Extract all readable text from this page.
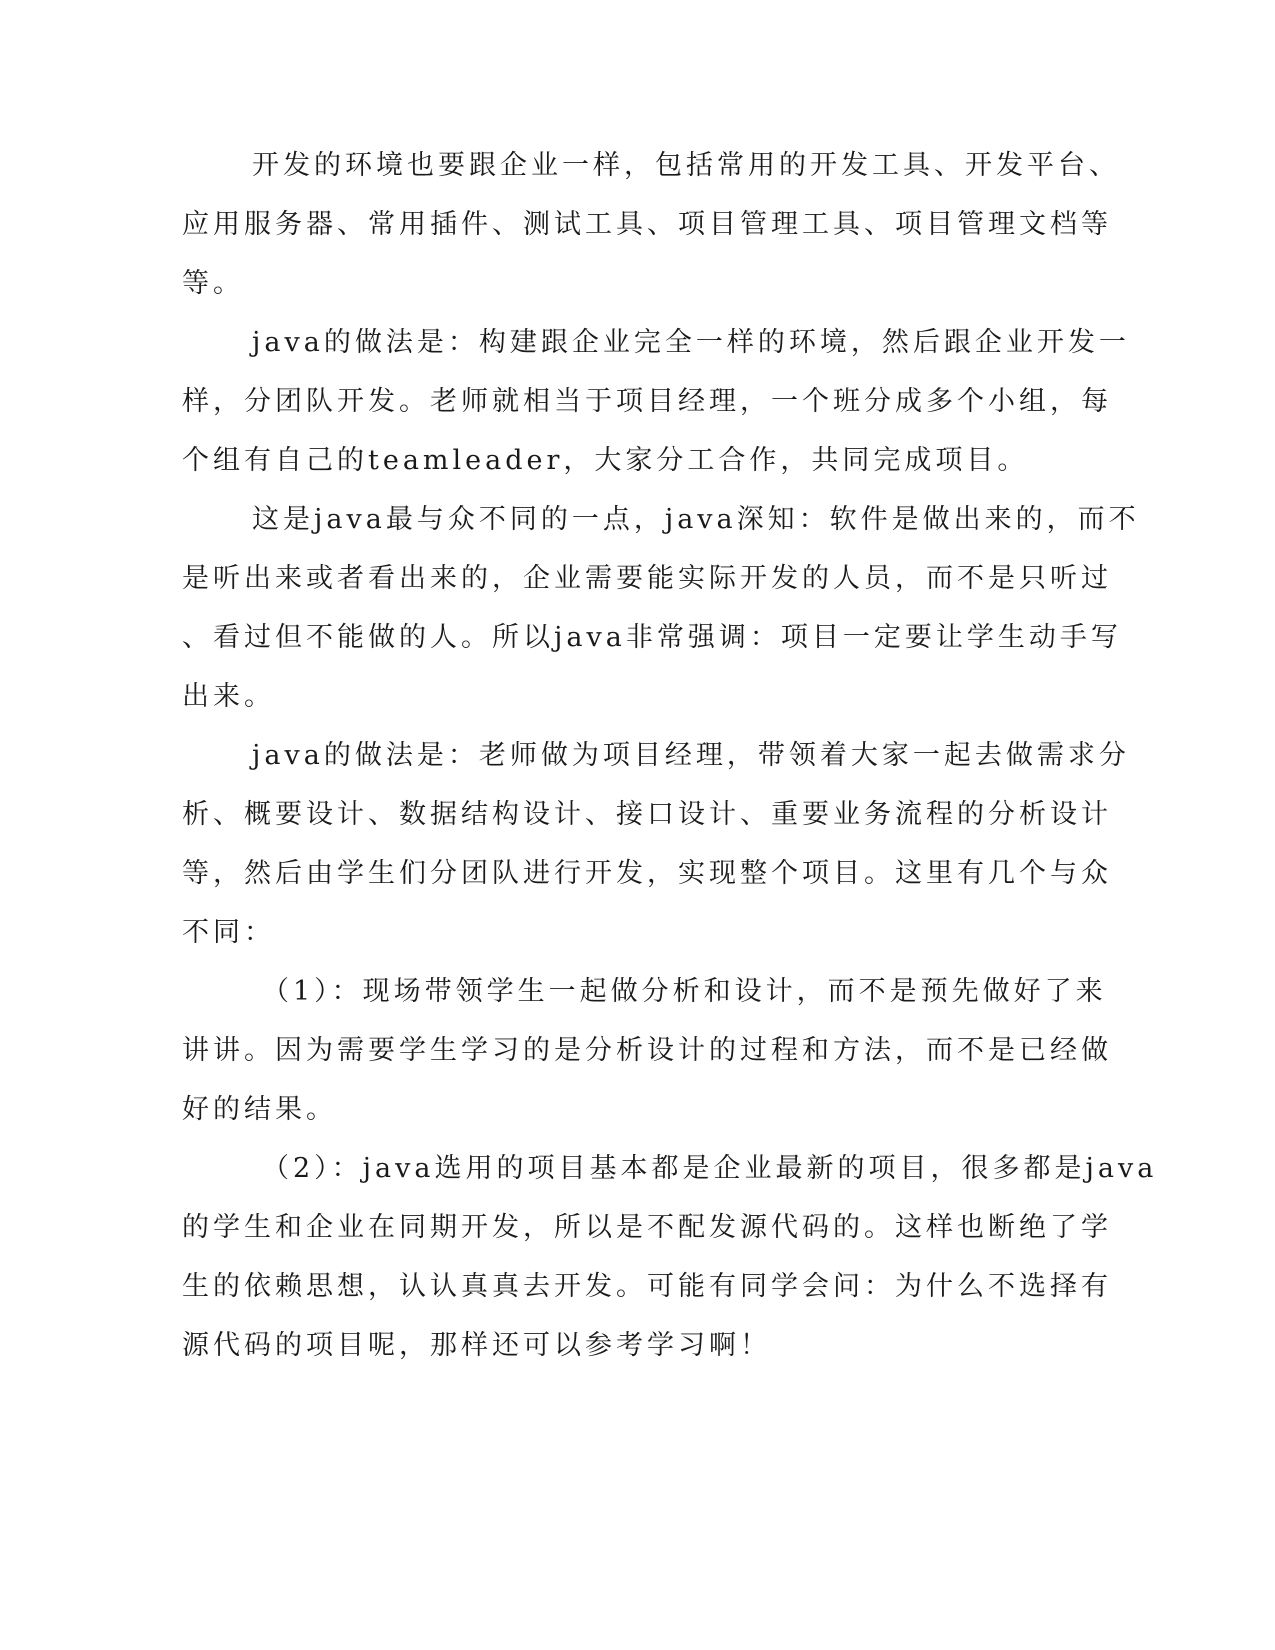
开发的环境也要跟企业一样，包括常用的开发工具、开发平台、
应用服务器、常用插件、测试工具、项目管理工具、项目管理文档等
等。
java的做法是：构建跟企业完全一样的环境，然后跟企业开发一
样，分团队开发。老师就相当于项目经理，一个班分成多个小组，每
个组有自己的teamleader，大家分工合作，共同完成项目。
这是java最与众不同的一点，java深知：软件是做出来的，而不
是听出来或者看出来的，企业需要能实际开发的人员，而不是只听过
、看过但不能做的人。所以java非常强调：项目一定要让学生动手写
出来。
java的做法是：老师做为项目经理，带领着大家一起去做需求分
析、概要设计、数据结构设计、接口设计、重要业务流程的分析设计
等，然后由学生们分团队进行开发，实现整个项目。这里有几个与众
不同：
（1）：现场带领学生一起做分析和设计，而不是预先做好了来
讲讲。因为需要学生学习的是分析设计的过程和方法，而不是已经做
好的结果。
（2）：java选用的项目基本都是企业最新的项目，很多都是java
的学生和企业在同期开发，所以是不配发源代码的。这样也断绝了学
生的依赖思想，认认真真去开发。可能有同学会问：为什么不选择有
源代码的项目呢，那样还可以参考学习啊！
